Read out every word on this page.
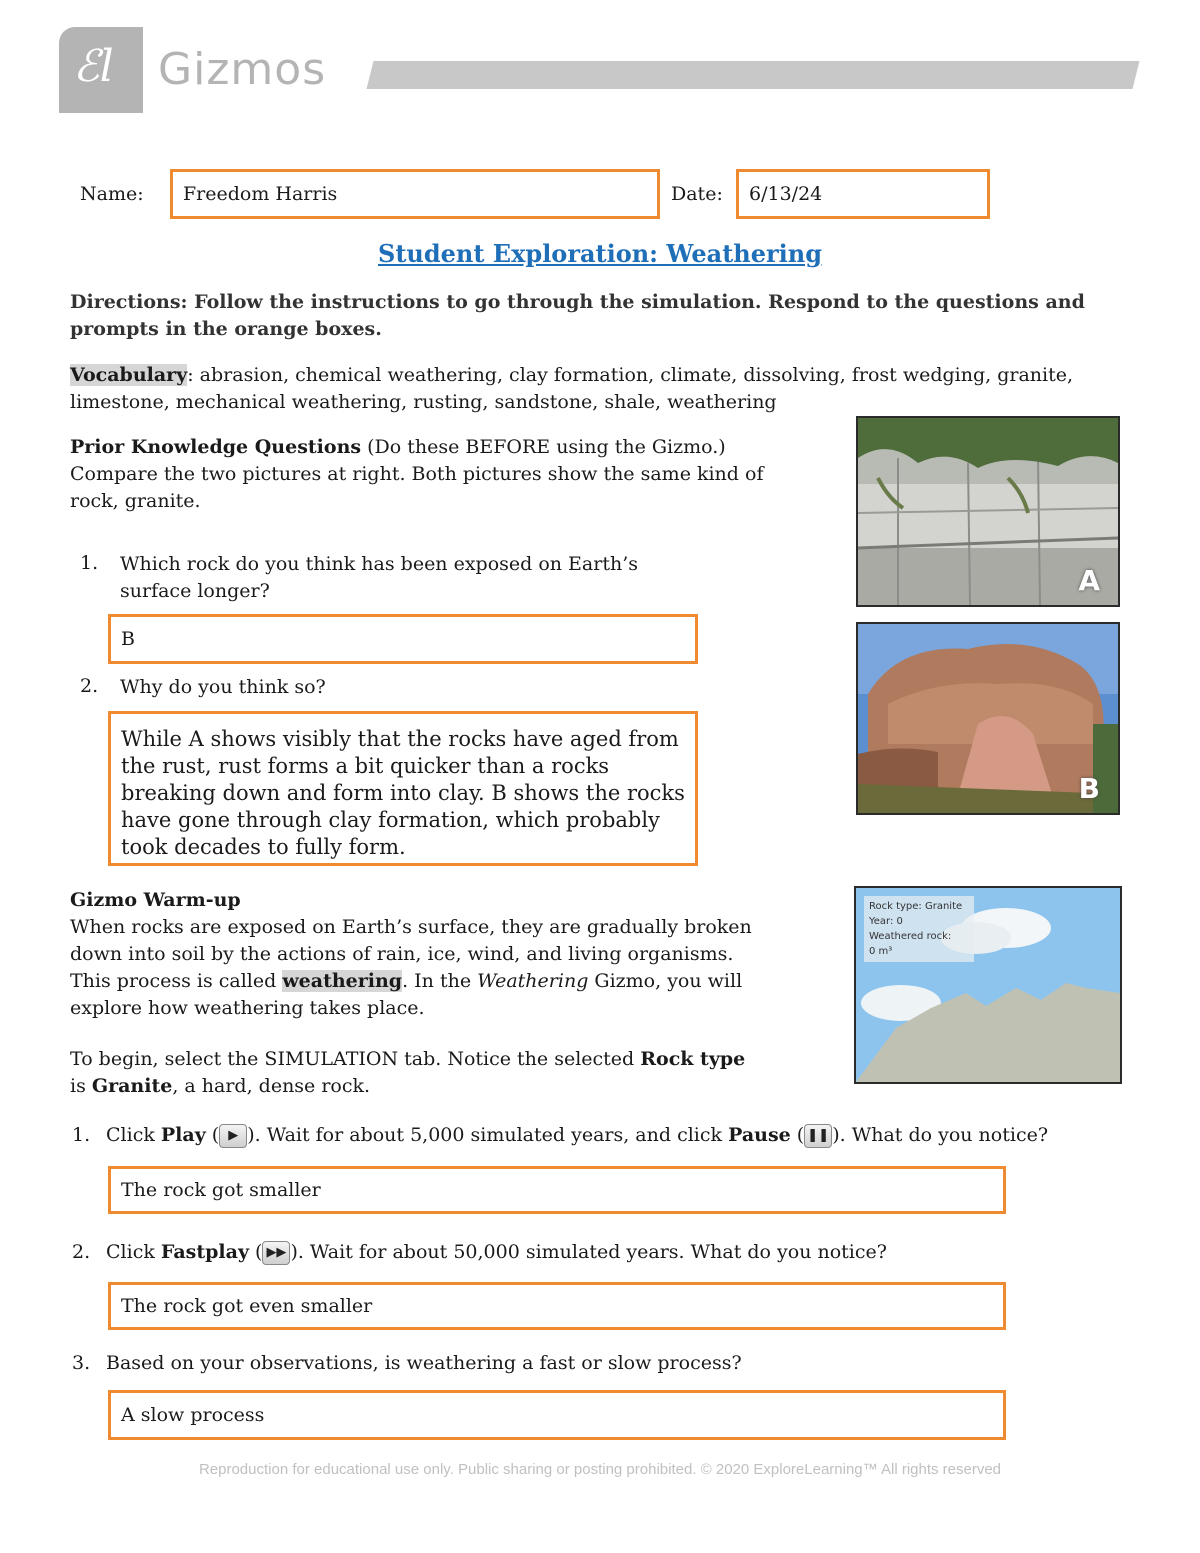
ℰl Gizmos
Name:	Freedom Harris	Date:	6/13/24
Student Exploration: Weathering
Directions: Follow the instructions to go through the simulation. Respond to the questions and prompts in the orange boxes.
Vocabulary: abrasion, chemical weathering, clay formation, climate, dissolving, frost wedging, granite, limestone, mechanical weathering, rusting, sandstone, shale, weathering
Prior Knowledge Questions (Do these BEFORE using the Gizmo.)
Compare the two pictures at right. Both pictures show the same kind of rock, granite.
1. Which rock do you think has been exposed on Earth’s surface longer?
B
2. Why do you think so?
While A shows visibly that the rocks have aged from the rust, rust forms a bit quicker than a rocks breaking down and form into clay. B shows the rocks have gone through clay formation, which probably took decades to fully form.
A
B
Gizmo Warm-up
When rocks are exposed on Earth’s surface, they are gradually broken down into soil by the actions of rain, ice, wind, and living organisms. This process is called weathering. In the Weathering Gizmo, you will explore how weathering takes place.
To begin, select the SIMULATION tab. Notice the selected Rock type is Granite, a hard, dense rock.
Rock type: Granite
Year: 0
Weathered rock:
0 m³
1. Click Play ( ▶ ). Wait for about 5,000 simulated years, and click Pause ( ❚❚ ). What do you notice?
The rock got smaller
2. Click Fastplay ( ▶▶ ). Wait for about 50,000 simulated years. What do you notice?
The rock got even smaller
3. Based on your observations, is weathering a fast or slow process?
A slow process
Reproduction for educational use only. Public sharing or posting prohibited. © 2020 ExploreLearning™ All rights reserved
